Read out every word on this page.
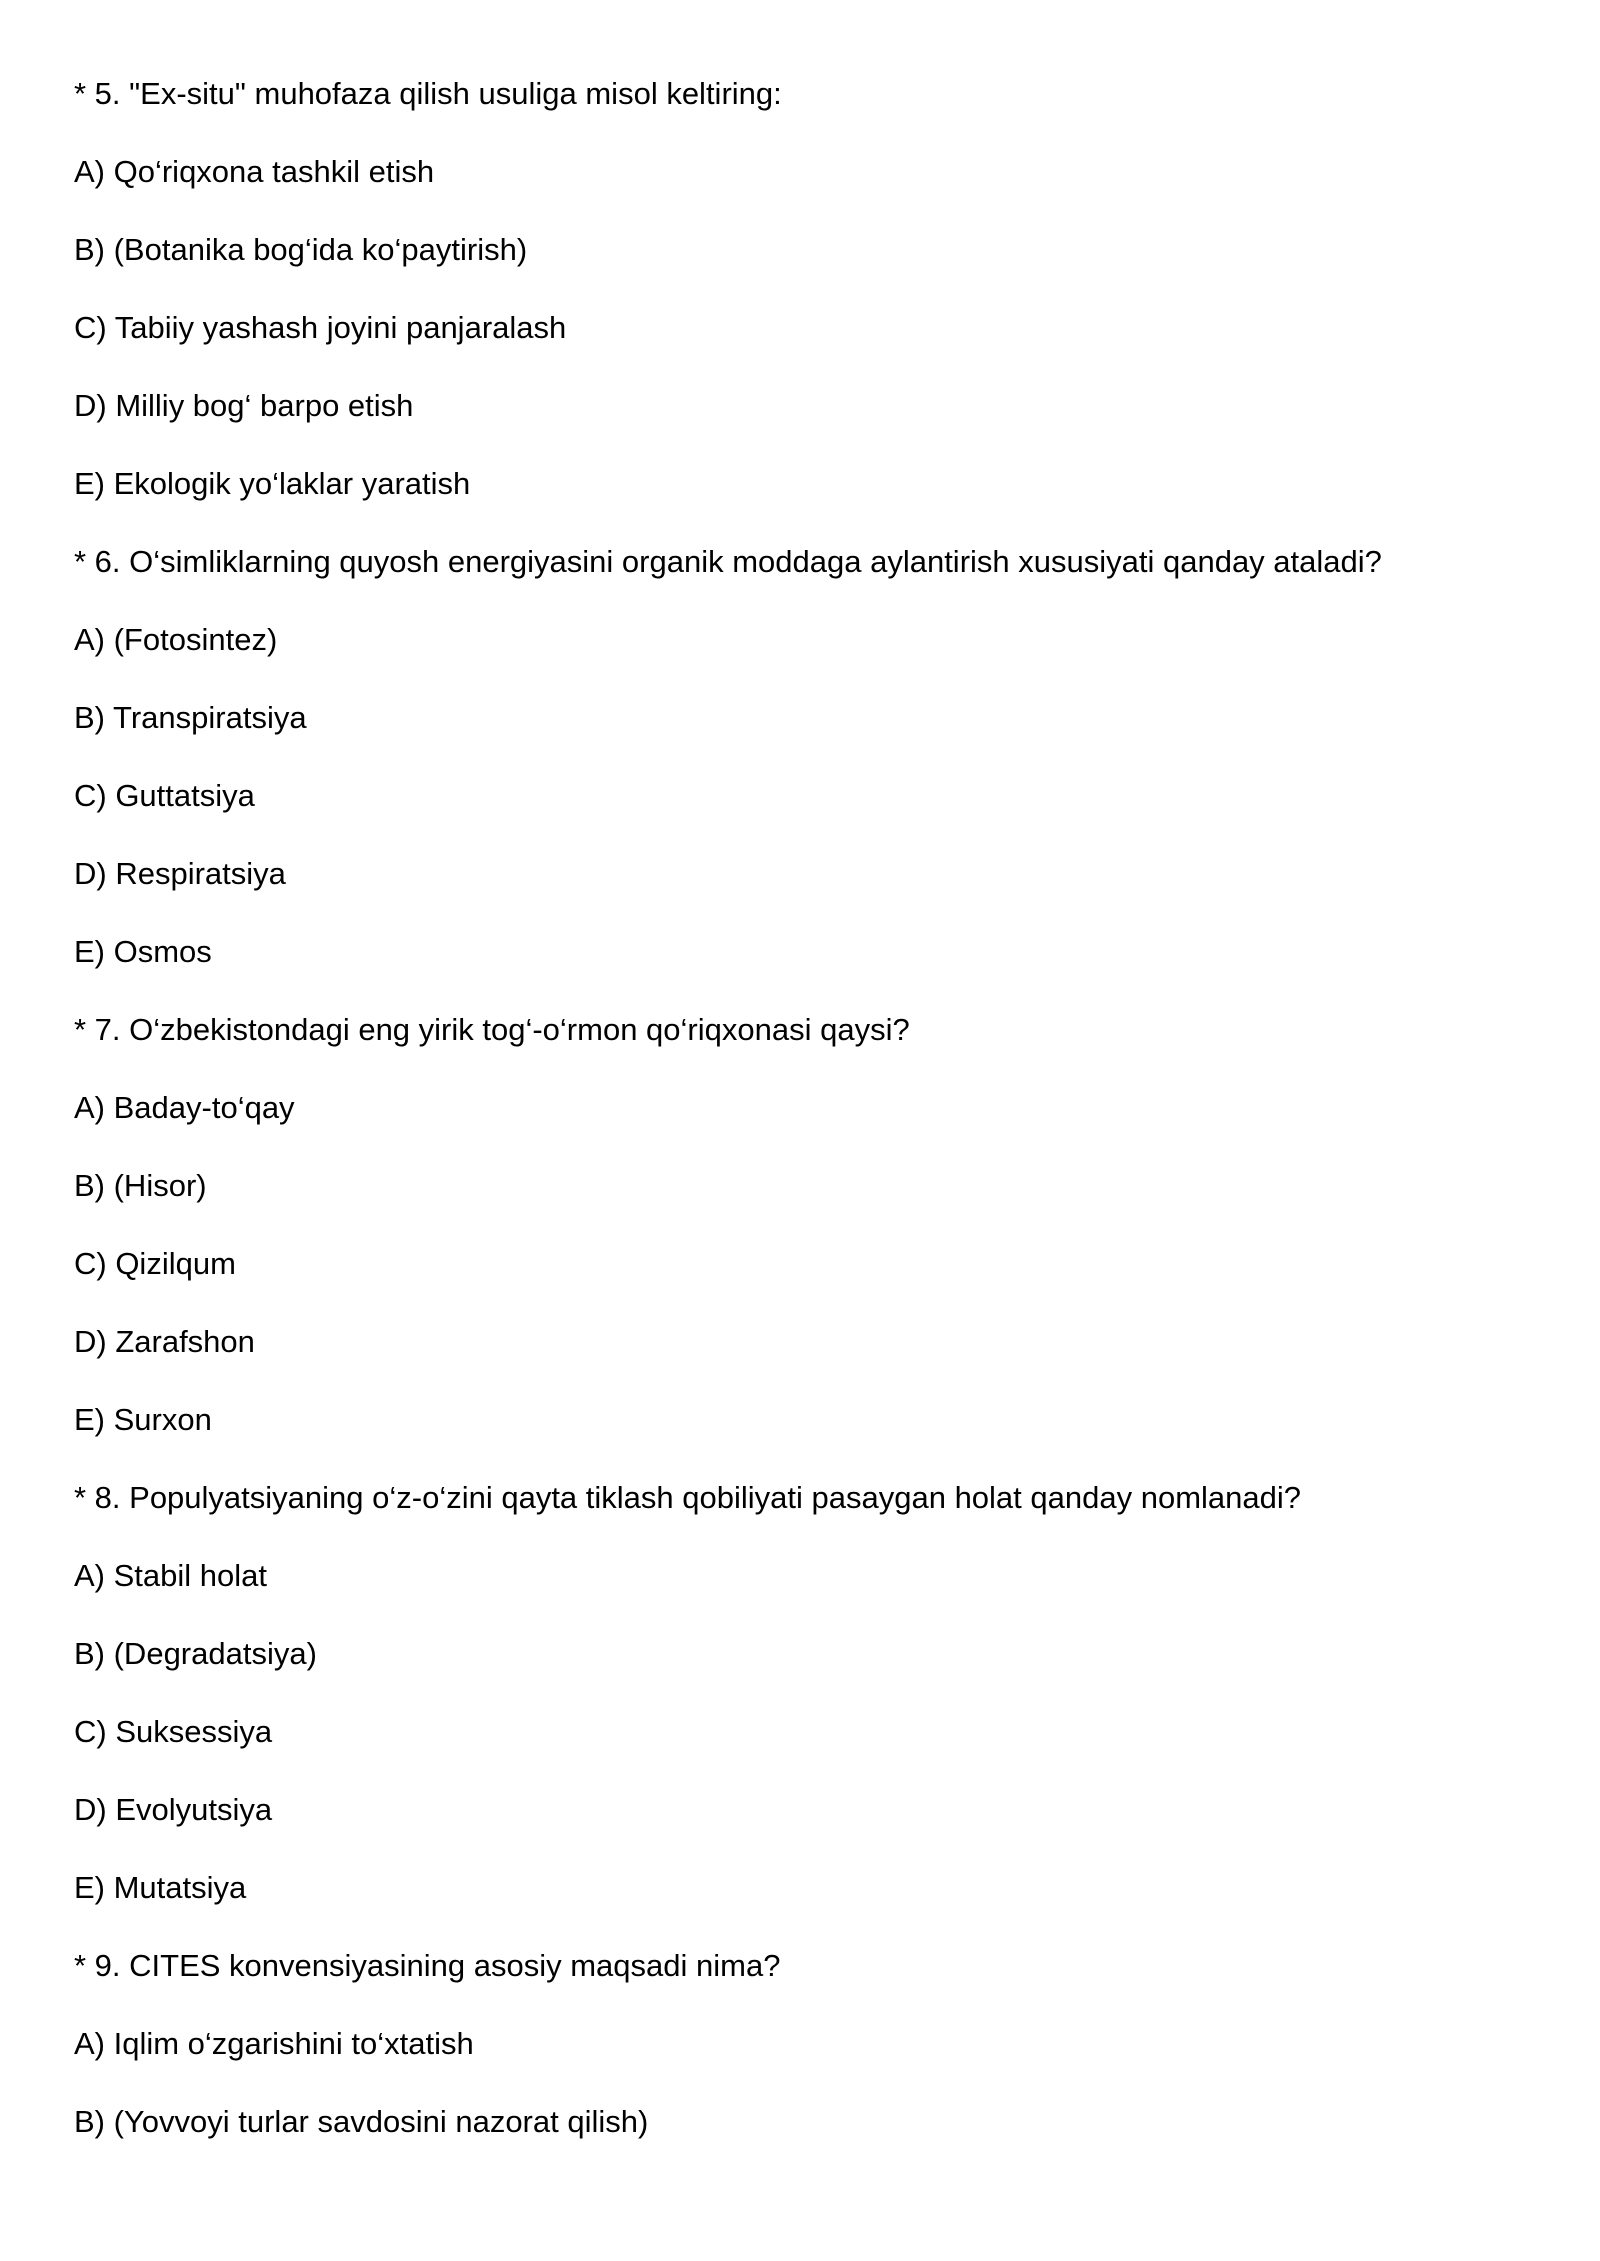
* 5. "Ex-situ" muhofaza qilish usuliga misol keltiring:

A) Qo‘riqxona tashkil etish

B) (Botanika bog‘ida ko‘paytirish)

C) Tabiiy yashash joyini panjaralash

D) Milliy bog‘ barpo etish

E) Ekologik yo‘laklar yaratish

* 6. O‘simliklarning quyosh energiyasini organik moddaga aylantirish xususiyati qanday ataladi?

A) (Fotosintez)

B) Transpiratsiya

C) Guttatsiya

D) Respiratsiya

E) Osmos

* 7. O‘zbekistondagi eng yirik tog‘-o‘rmon qo‘riqxonasi qaysi?

A) Baday-to‘qay

B) (Hisor)

C) Qizilqum

D) Zarafshon

E) Surxon

* 8. Populyatsiyaning o‘z-o‘zini qayta tiklash qobiliyati pasaygan holat qanday nomlanadi?

A) Stabil holat

B) (Degradatsiya)

C) Suksessiya

D) Evolyutsiya

E) Mutatsiya

* 9. CITES konvensiyasining asosiy maqsadi nima?

A) Iqlim o‘zgarishini to‘xtatish

B) (Yovvoyi turlar savdosini nazorat qilish)
